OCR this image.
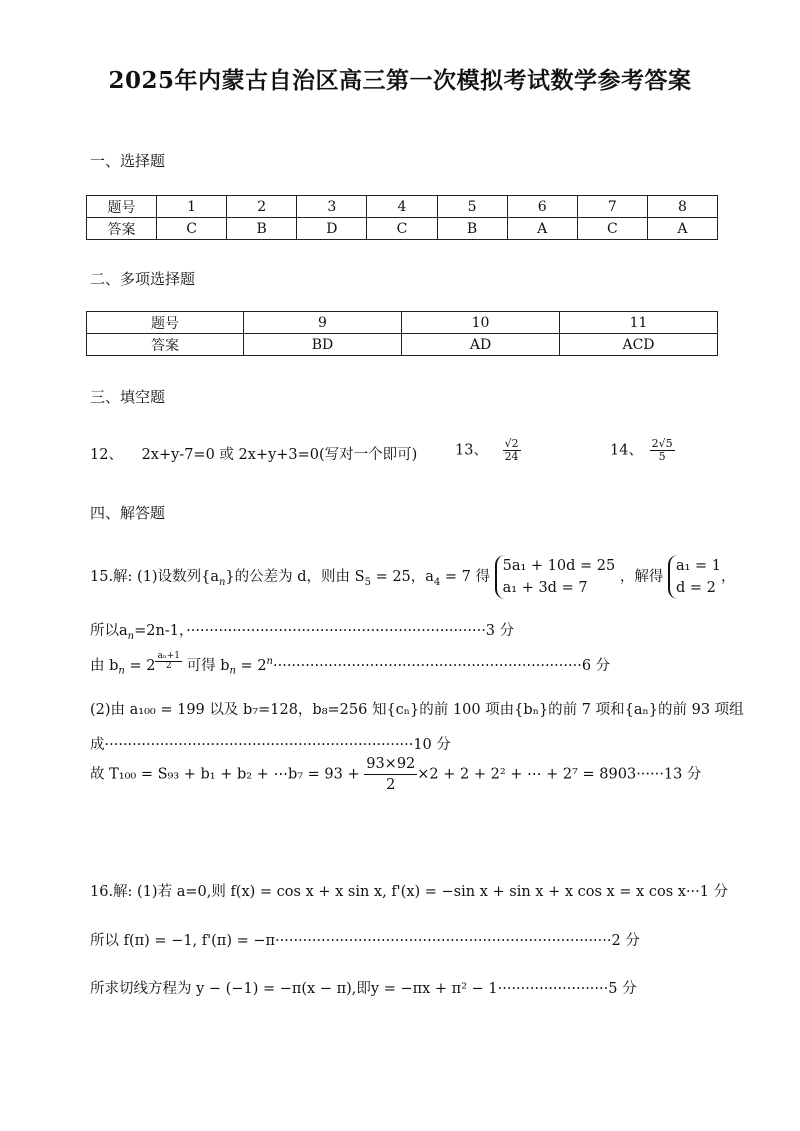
2025年内蒙古自治区高三第一次模拟考试数学参考答案
一、选择题
题号	1	2	3	4	5	6	7	8
答案	C	B	D	C	B	A	C	A
二、多项选择题
题号	9	10	11
答案	BD	AD	ACD
三、填空题
12、 2x+y-7=0 或 2x+y+3=0(写对一个即可)	13、 $\frac{√2}{24}$	14、 $\frac{2√5}{5}$
四、解答题
15.解: (1)设数列$\{a_n\}$的公差为 d，则由 $S_5 = 25$，$a_4 = 7$ 得
5a₁ + 10d = 25
a₁ + 3d = 7
，解得
a₁ = 1
d = 2
，
所以$a_n=2n-1$，·································································3 分
由 $b_n = 2$ $^{\frac{\text{aₙ+1}}{2}}$ 可得 $b_n = 2^n\cdot\cdot\cdot\cdot\cdot\cdot\cdot\cdot\cdot\cdot\cdot\cdot\cdot\cdot\cdot\cdot\cdot\cdot\cdot\cdot\cdot\cdot\cdot\cdot\cdot\cdot\cdot\cdot\cdot\cdot\cdot\cdot\cdot\cdot\cdot\cdot\cdot\cdot\cdot\cdot\cdot\cdot\cdot\cdot\cdot\cdot\cdot\cdot\cdot\cdot\cdot\cdot\cdot\cdot\cdot\cdot\cdot\cdot\cdot\cdot\cdot\cdot\cdot\cdot\cdot\cdot\cdot 6$ 分
(2)由 a₁₀₀ = 199 以及 b₇=128，b₈=256 知{cₙ}的前 100 项由{bₙ}的前 7 项和{aₙ}的前 93 项组
成···································································10 分
故 T₁₀₀ = S₉₃ + b₁ + b₂ + ⋯b₇ = $93 + \frac{93\times 92}{2} \times 2 + 2 + 2^2$ + ⋯ + 2⁷ = 8903······13 分
16.解: (1)若 a=0,则 f(x) = cos x + x sin x, f'(x) = −sin x + sin x + x cos x = x cos x···1 分
所以 f(π) = −1, f'(π) = −π·········································································2 分
所求切线方程为 y − (−1) = −π(x − π),即y = −πx + π² − 1························5 分
